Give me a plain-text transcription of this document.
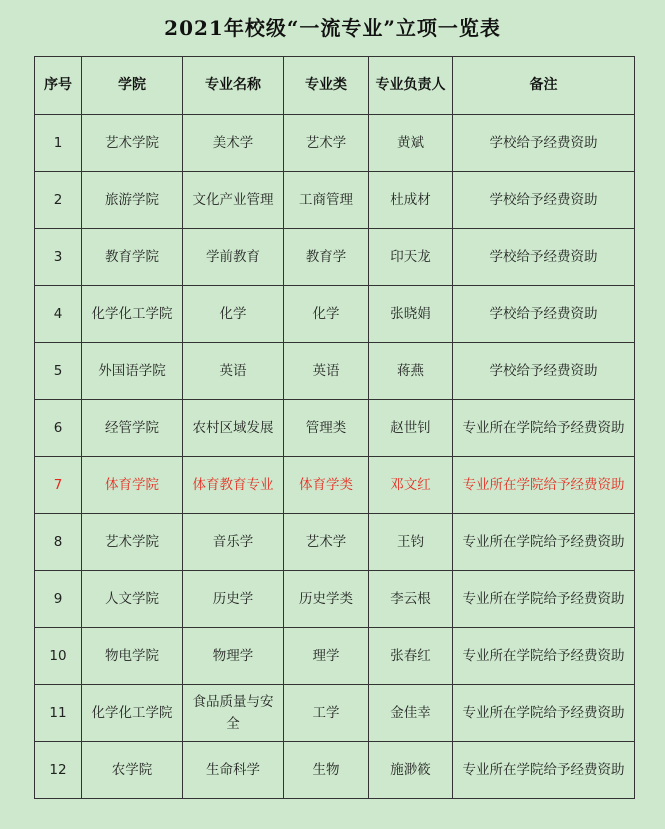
2021年校级“一流专业”立项一览表
序号	学院	专业名称	专业类	专业负责人	备注
1	艺术学院	美术学	艺术学	黄斌	学校给予经费资助
2	旅游学院	文化产业管理	工商管理	杜成材	学校给予经费资助
3	教育学院	学前教育	教育学	印天龙	学校给予经费资助
4	化学化工学院	化学	化学	张晓娟	学校给予经费资助
5	外国语学院	英语	英语	蒋燕	学校给予经费资助
6	经管学院	农村区域发展	管理类	赵世钊	专业所在学院给予经费资助
7	体育学院	体育教育专业	体育学类	邓文红	专业所在学院给予经费资助
8	艺术学院	音乐学	艺术学	王钧	专业所在学院给予经费资助
9	人文学院	历史学	历史学类	李云根	专业所在学院给予经费资助
10	物电学院	物理学	理学	张春红	专业所在学院给予经费资助
11	化学化工学院	食品质量与安全	工学	金佳幸	专业所在学院给予经费资助
12	农学院	生命科学	生物	施渺筱	专业所在学院给予经费资助
